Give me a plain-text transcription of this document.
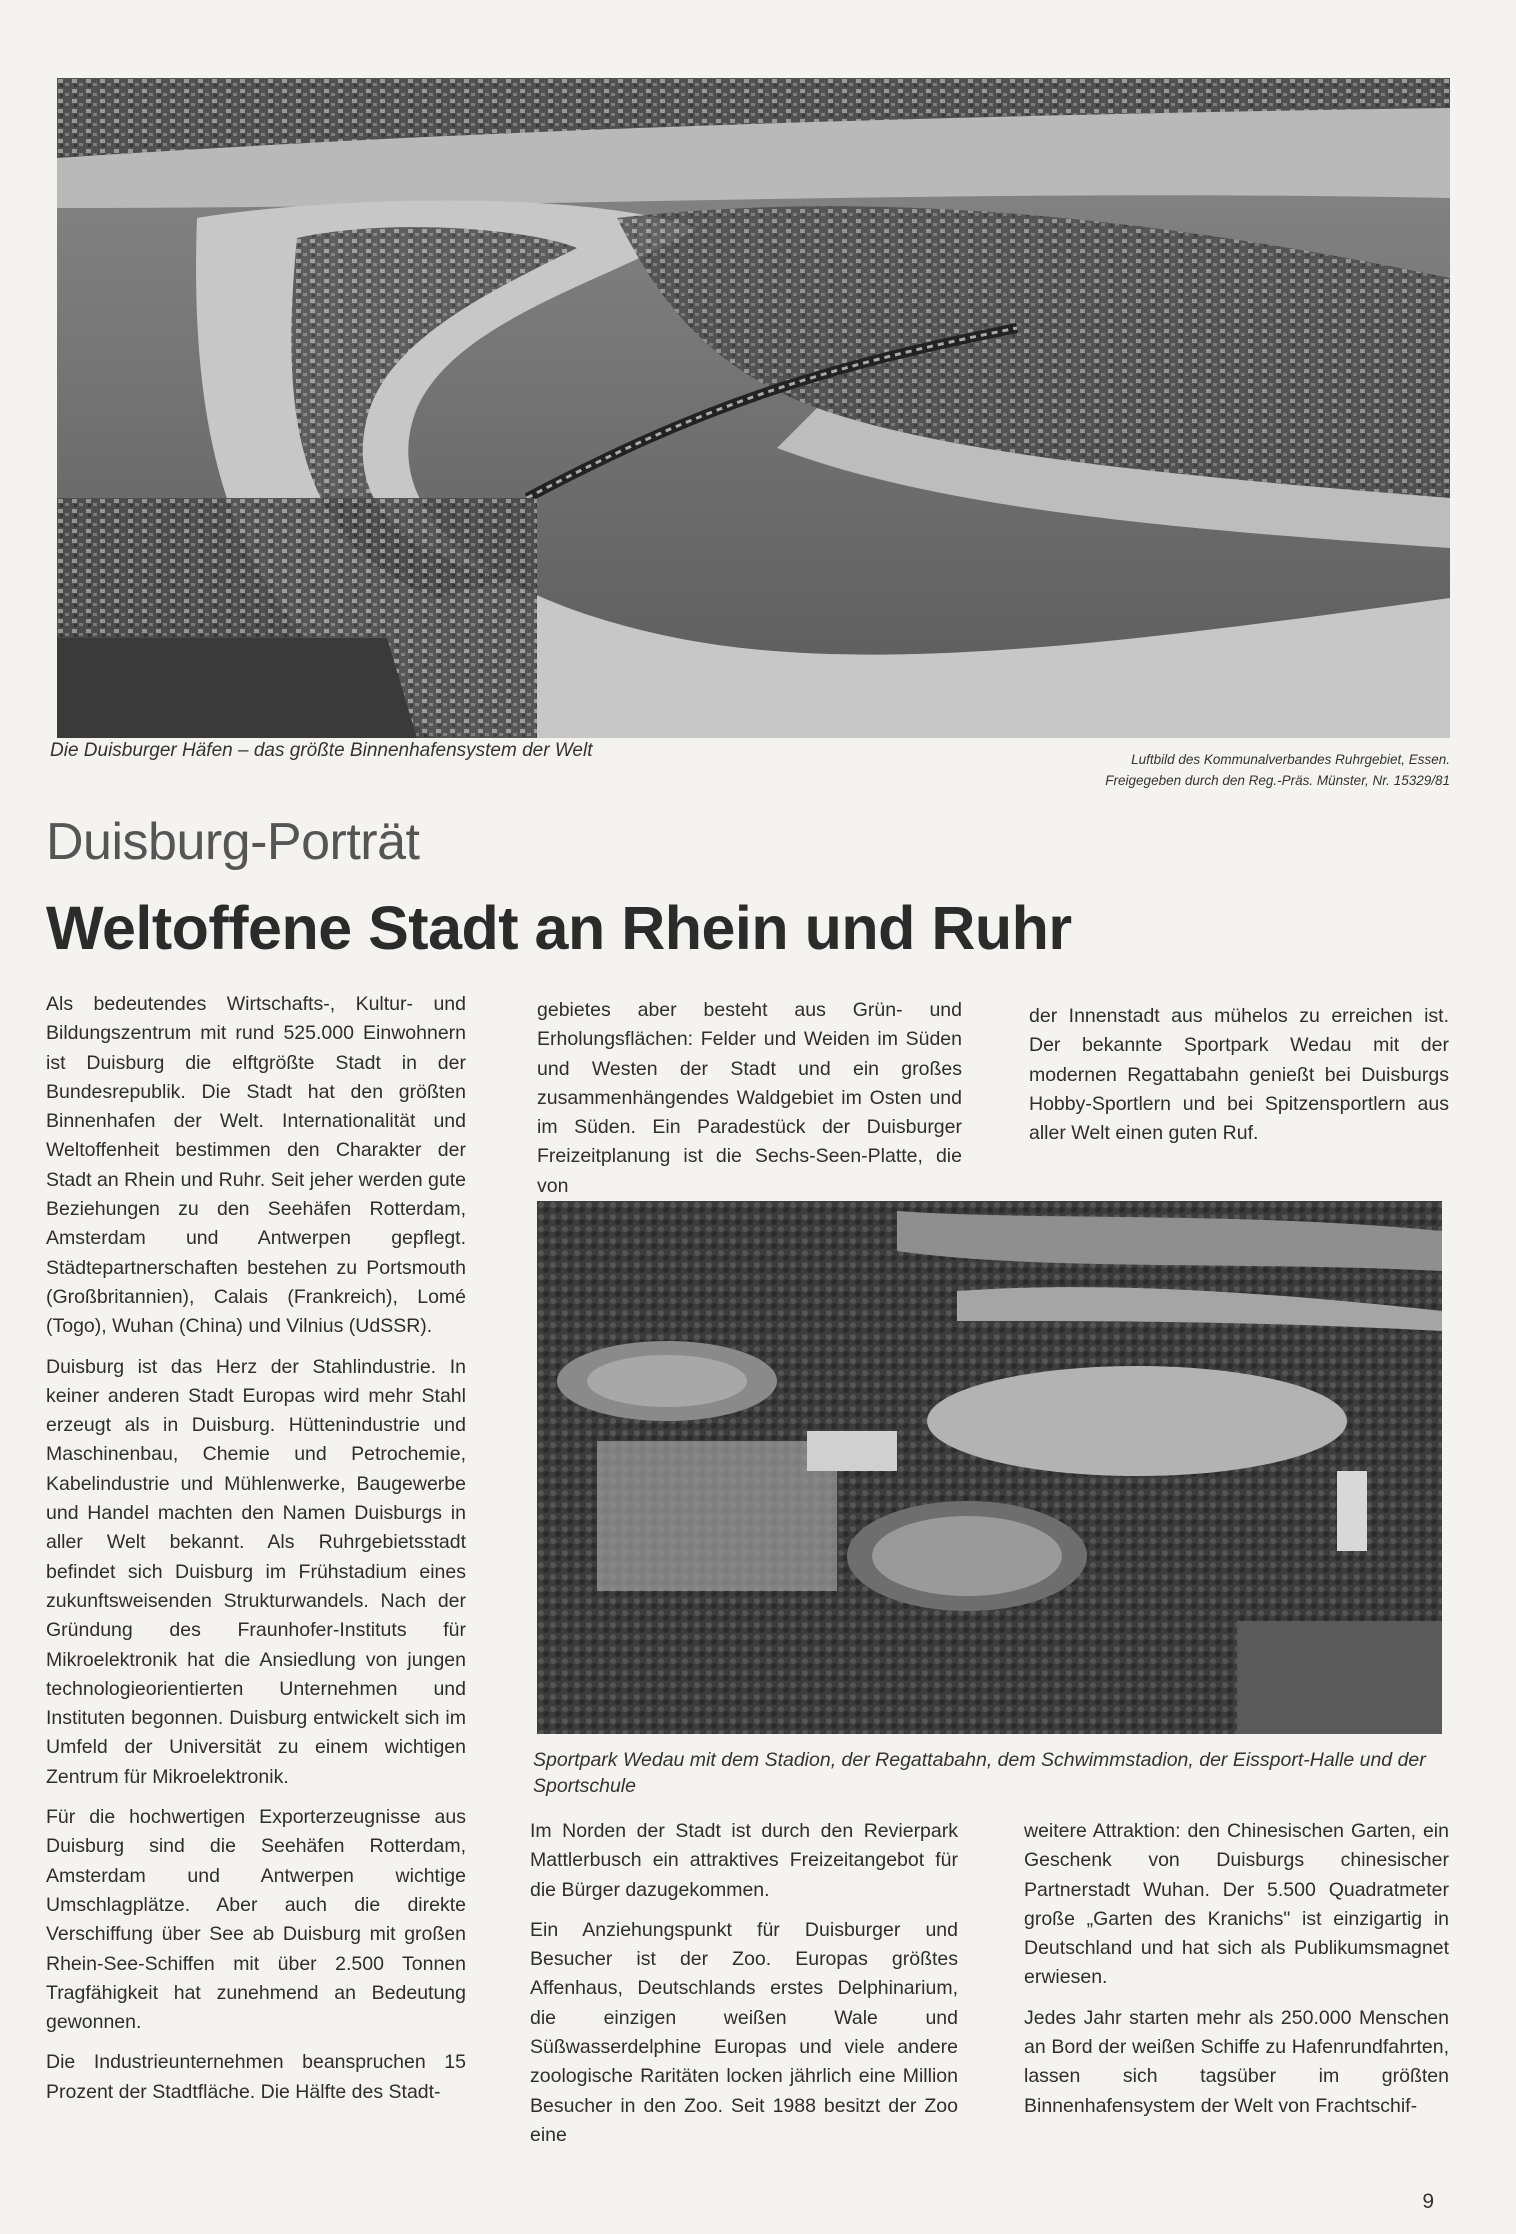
Die Duisburger Häfen – das größte Binnenhafensystem der Welt	Luftbild des Kommunalverbandes Ruhrgebiet, Essen.
Freigegeben durch den Reg.-Präs. Münster, Nr. 15329/81
Duisburg-Porträt
Weltoffene Stadt an Rhein und Ruhr

Als bedeutendes Wirtschafts-, Kultur- und Bildungszentrum mit rund 525.000 Einwohnern ist Duisburg die elftgrößte Stadt in der Bundesrepublik. Die Stadt hat den größten Binnenhafen der Welt. Internationalität und Weltoffenheit bestimmen den Charakter der Stadt an Rhein und Ruhr. Seit jeher werden gute Beziehungen zu den Seehäfen Rotterdam, Amsterdam und Antwerpen gepflegt. Städtepartnerschaften bestehen zu Portsmouth (Großbritannien), Calais (Frankreich), Lomé (Togo), Wuhan (China) und Vilnius (UdSSR).

Duisburg ist das Herz der Stahlindustrie. In keiner anderen Stadt Europas wird mehr Stahl erzeugt als in Duisburg. Hüttenindustrie und Maschinenbau, Chemie und Petrochemie, Kabelindustrie und Mühlenwerke, Baugewerbe und Handel machten den Namen Duisburgs in aller Welt bekannt. Als Ruhrgebietsstadt befindet sich Duisburg im Frühstadium eines zukunftsweisenden Strukturwandels. Nach der Gründung des Fraunhofer-Instituts für Mikroelektronik hat die Ansiedlung von jungen technologieorientierten Unternehmen und Instituten begonnen. Duisburg entwickelt sich im Umfeld der Universität zu einem wichtigen Zentrum für Mikroelektronik.

Für die hochwertigen Exporterzeugnisse aus Duisburg sind die Seehäfen Rotterdam, Amsterdam und Antwerpen wichtige Umschlagplätze. Aber auch die direkte Verschiffung über See ab Duisburg mit großen Rhein-See-Schiffen mit über 2.500 Tonnen Tragfähigkeit hat zunehmend an Bedeutung gewonnen.

Die Industrieunternehmen beanspruchen 15 Prozent der Stadtfläche. Die Hälfte des Stadt-

gebietes aber besteht aus Grün- und Erholungsflächen: Felder und Weiden im Süden und Westen der Stadt und ein großes zusammenhängendes Waldgebiet im Osten und im Süden. Ein Paradestück der Duisburger Freizeitplanung ist die Sechs-Seen-Platte, die von

der Innenstadt aus mühelos zu erreichen ist. Der bekannte Sportpark Wedau mit der modernen Regattabahn genießt bei Duisburgs Hobby-Sportlern und bei Spitzensportlern aus aller Welt einen guten Ruf.

Sportpark Wedau mit dem Stadion, der Regattabahn, dem Schwimmstadion, der Eissport-Halle und der Sportschule

Im Norden der Stadt ist durch den Revierpark Mattlerbusch ein attraktives Freizeitangebot für die Bürger dazugekommen.

Ein Anziehungspunkt für Duisburger und Besucher ist der Zoo. Europas größtes Affenhaus, Deutschlands erstes Delphinarium, die einzigen weißen Wale und Süßwasserdelphine Europas und viele andere zoologische Raritäten locken jährlich eine Million Besucher in den Zoo. Seit 1988 besitzt der Zoo eine

weitere Attraktion: den Chinesischen Garten, ein Geschenk von Duisburgs chinesischer Partnerstadt Wuhan. Der 5.500 Quadratmeter große „Garten des Kranichs" ist einzigartig in Deutschland und hat sich als Publikumsmagnet erwiesen.

Jedes Jahr starten mehr als 250.000 Menschen an Bord der weißen Schiffe zu Hafenrundfahrten, lassen sich tagsüber im größten Binnenhafensystem der Welt von Frachtschif-

9
